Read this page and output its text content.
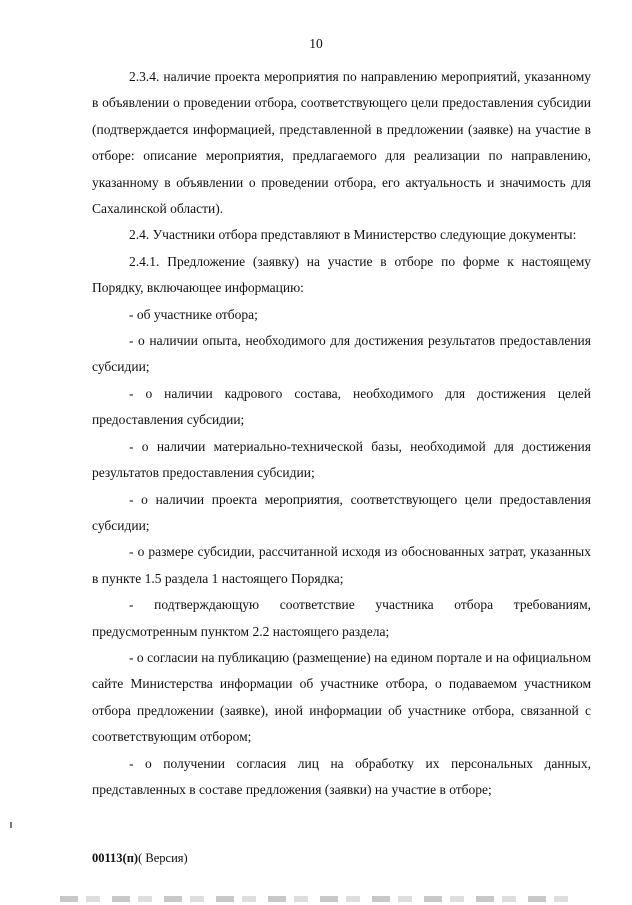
10

2.3.4. наличие проекта мероприятия по направлению мероприятий, указанному в объявлении о проведении отбора, соответствующего цели предоставления субсидии (подтверждается информацией, представленной в предложении (заявке) на участие в отборе: описание мероприятия, предлагаемого для реализации по направлению, указанному в объявлении о проведении отбора, его актуальность и значимость для Сахалинской области).

2.4. Участники отбора представляют в Министерство следующие документы:

2.4.1. Предложение (заявку) на участие в отборе по форме к настоящему Порядку, включающее информацию:

- об участнике отбора;

- о наличии опыта, необходимого для достижения результатов предоставления субсидии;

- о наличии кадрового состава, необходимого для достижения целей предоставления субсидии;

- о наличии материально-технической базы, необходимой для достижения результатов предоставления субсидии;

- о наличии проекта мероприятия, соответствующего цели предоставления субсидии;

- о размере субсидии, рассчитанной исходя из обоснованных затрат, указанных в пункте 1.5 раздела 1 настоящего Порядка;

- подтверждающую соответствие участника отбора требованиям, предусмотренным пунктом 2.2 настоящего раздела;

- о согласии на публикацию (размещение) на едином портале и на официальном сайте Министерства информации об участнике отбора, о подаваемом участником отбора предложении (заявке), иной информации об участнике отбора, связанной с соответствующим отбором;

- о получении согласия лиц на обработку их персональных данных, представленных в составе предложения (заявки) на участие в отборе;

00113(п)( Версия)
